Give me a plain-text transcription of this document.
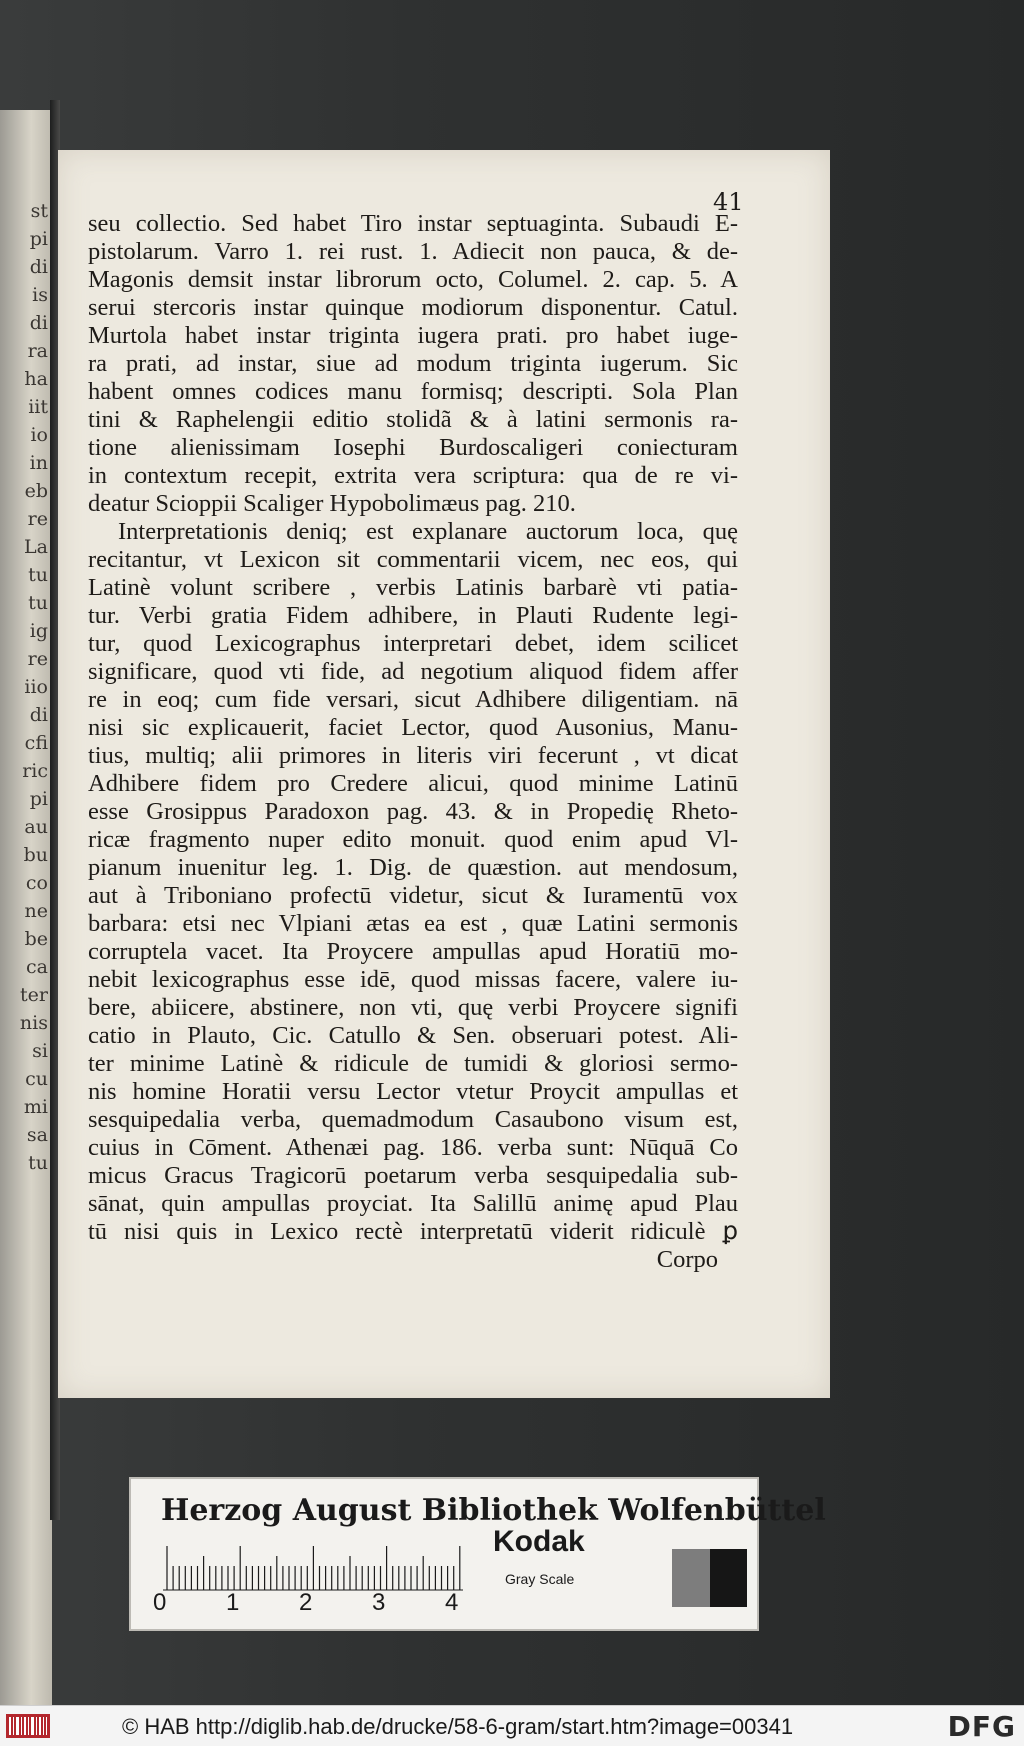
st
pi
di
is
di
ra
ha
iit
io
in
eb
re
La
tu
tu
ig
re
iio
di
cfi
ric
pi
au
bu
co
ne
be
ca
ter
nis
si
cu
mi
sa
tu
41
seu collectio. Sed habet Tiro instar septuaginta. Subaudi E-
pistolarum. Varro 1. rei rust. 1. Adiecit non pauca, & de-
Magonis demsit instar librorum octo, Columel. 2. cap. 5. A
serui stercoris instar quinque modiorum disponentur. Catul.
Murtola habet instar triginta iugera prati. pro habet iuge-
ra prati, ad instar, siue ad modum triginta iugerum. Sic
habent omnes codices manu formisq; descripti. Sola Plan
tini & Raphelengii editio stolidã & à latini sermonis ra-
tione alienissimam Iosephi Burdoscaligeri coniecturam
in contextum recepit, extrita vera scriptura: qua de re vi-
deatur Scioppii Scaliger Hypobolimæus pag. 210.
Interpretationis deniq; est explanare auctorum loca, quę
recitantur, vt Lexicon sit commentarii vicem, nec eos, qui
Latinè volunt scribere , verbis Latinis barbarè vti patia-
tur. Verbi gratia Fidem adhibere, in Plauti Rudente legi-
tur, quod Lexicographus interpretari debet, idem scilicet
significare, quod vti fide, ad negotium aliquod fidem affer
re in eoq; cum fide versari, sicut Adhibere diligentiam. nā
nisi sic explicauerit, faciet Lector, quod Ausonius, Manu-
tius, multiq; alii primores in literis viri fecerunt , vt dicat
Adhibere fidem pro Credere alicui, quod minime Latinū
esse Grosippus Paradoxon pag. 43. & in Propedię Rheto-
ricæ fragmento nuper edito monuit. quod enim apud Vl-
pianum inuenitur leg. 1. Dig. de quæstion. aut mendosum,
aut à Triboniano profectū videtur, sicut & Iuramentū vox
barbara: etsi nec Vlpiani ætas ea est , quæ Latini sermonis
corruptela vacet. Ita Proycere ampullas apud Horatiū mo-
nebit lexicographus esse idē, quod missas facere, valere iu-
bere, abiicere, abstinere, non vti, quę verbi Proycere signifi
catio in Plauto, Cic. Catullo & Sen. obseruari potest. Ali-
ter minime Latinè & ridicule de tumidi & gloriosi sermo-
nis homine Horatii versu Lector vtetur Proycit ampullas et
sesquipedalia verba, quemadmodum Casaubono visum est,
cuius in Cōment. Athenæi pag. 186. verba sunt: Nūquā Co
micus Gracus Tragicorū poetarum verba sesquipedalia sub-
sānat, quin ampullas proyciat. Ita Salillū animę apud Plau
tū nisi quis in Lexico rectè interpretatū viderit ridiculè ꝑ
Corpo
Herzog August Bibliothek Wolfenbüttel
0 1 2 3 4
Kodak
Gray Scale
© HAB http://diglib.hab.de/drucke/58-6-gram/start.htm?image=00341	DFG
